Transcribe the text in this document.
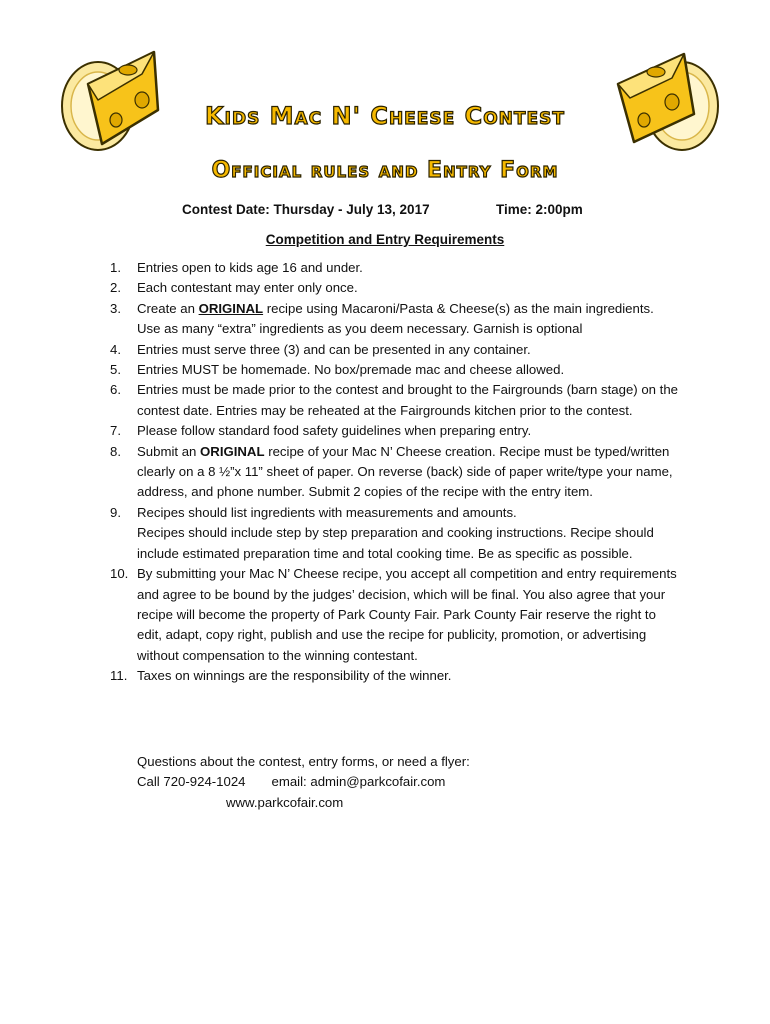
Kids Mac N' Cheese Contest
Official rules and Entry Form
Contest Date: Thursday - July 13, 2017	Time: 2:00pm
Competition and Entry Requirements
1. Entries open to kids age 16 and under.
2. Each contestant may enter only once.
3. Create an ORIGINAL recipe using Macaroni/Pasta & Cheese(s) as the main ingredients. Use as many “extra” ingredients as you deem necessary. Garnish is optional
4. Entries must serve three (3) and can be presented in any container.
5. Entries MUST be homemade. No box/premade mac and cheese allowed.
6. Entries must be made prior to the contest and brought to the Fairgrounds (barn stage) on the contest date. Entries may be reheated at the Fairgrounds kitchen prior to the contest.
7. Please follow standard food safety guidelines when preparing entry.
8. Submit an ORIGINAL recipe of your Mac N’ Cheese creation. Recipe must be typed/written clearly on a 8 ½”x 11” sheet of paper. On reverse (back) side of paper write/type your name, address, and phone number. Submit 2 copies of the recipe with the entry item.
9. Recipes should list ingredients with measurements and amounts.
Recipes should include step by step preparation and cooking instructions. Recipe should include estimated preparation time and total cooking time. Be as specific as possible.
10. By submitting your Mac N’ Cheese recipe, you accept all competition and entry requirements and agree to be bound by the judges’ decision, which will be final. You also agree that your recipe will become the property of Park County Fair. Park County Fair reserve the right to edit, adapt, copy right, publish and use the recipe for publicity, promotion, or advertising without compensation to the winning contestant.
11. Taxes on winnings are the responsibility of the winner.
Questions about the contest, entry forms, or need a flyer:
Call 720-924-1024 email: admin@parkcofair.com

www.parkcofair.com
